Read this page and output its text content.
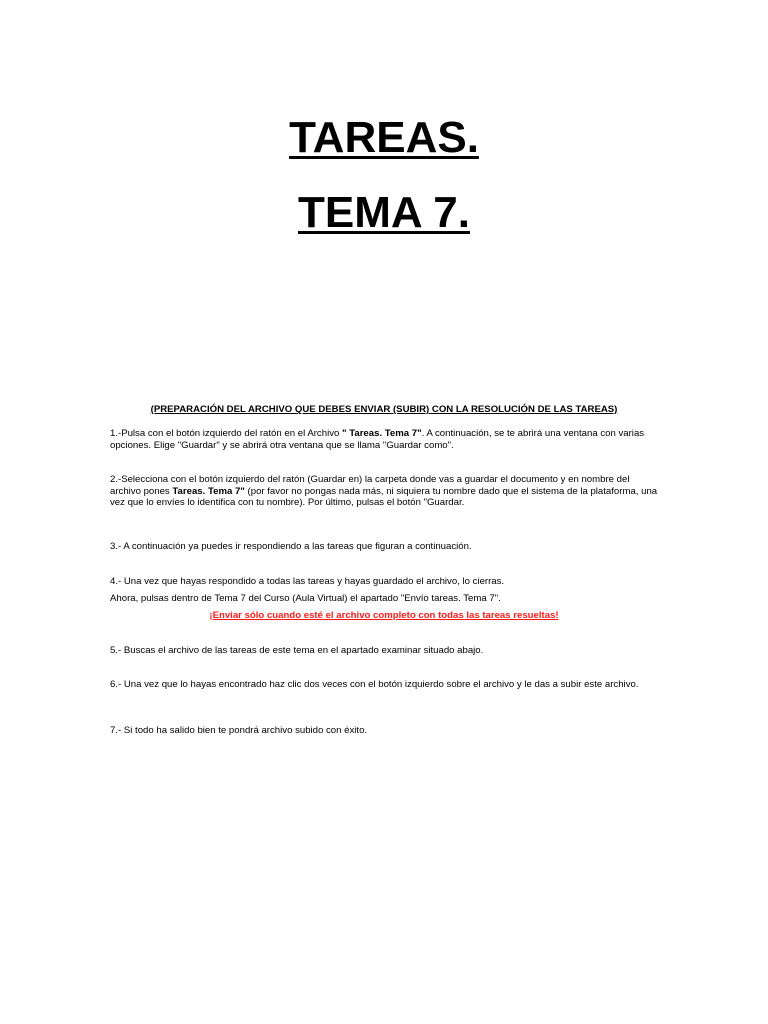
TAREAS.
TEMA 7.

(PREPARACIÓN DEL ARCHIVO QUE DEBES ENVIAR (SUBIR) CON LA RESOLUCIÓN DE LAS TAREAS)

1.-Pulsa con el botón izquierdo del ratón en el Archivo " Tareas. Tema 7". A continuación, se te abrirá una ventana con varias opciones. Elige "Guardar" y se abrirá otra ventana que se llama "Guardar como".

2.-Selecciona con el botón izquierdo del ratón (Guardar en) la carpeta donde vas a guardar el documento y en nombre del archivo pones Tareas. Tema 7" (por favor no pongas nada más, ni siquiera tu nombre dado que el sistema de la plataforma, una vez que lo envíes lo identifica con tu nombre). Por último, pulsas el botón "Guardar.

3.- A continuación ya puedes ir respondiendo a las tareas que figuran a continuación.

4.- Una vez que hayas respondido a todas las tareas y hayas guardado el archivo, lo cierras.

Ahora, pulsas dentro de Tema 7 del Curso (Aula Virtual) el apartado "Envío tareas. Tema 7".

¡Enviar sólo cuando esté el archivo completo con todas las tareas resueltas!

5.- Buscas el archivo de las tareas de este tema en el apartado examinar situado abajo.

6.- Una vez que lo hayas encontrado haz clic dos veces con el botón izquierdo sobre el archivo y le das a subir este archivo.

7.- Si todo ha salido bien te pondrá archivo subido con éxito.
